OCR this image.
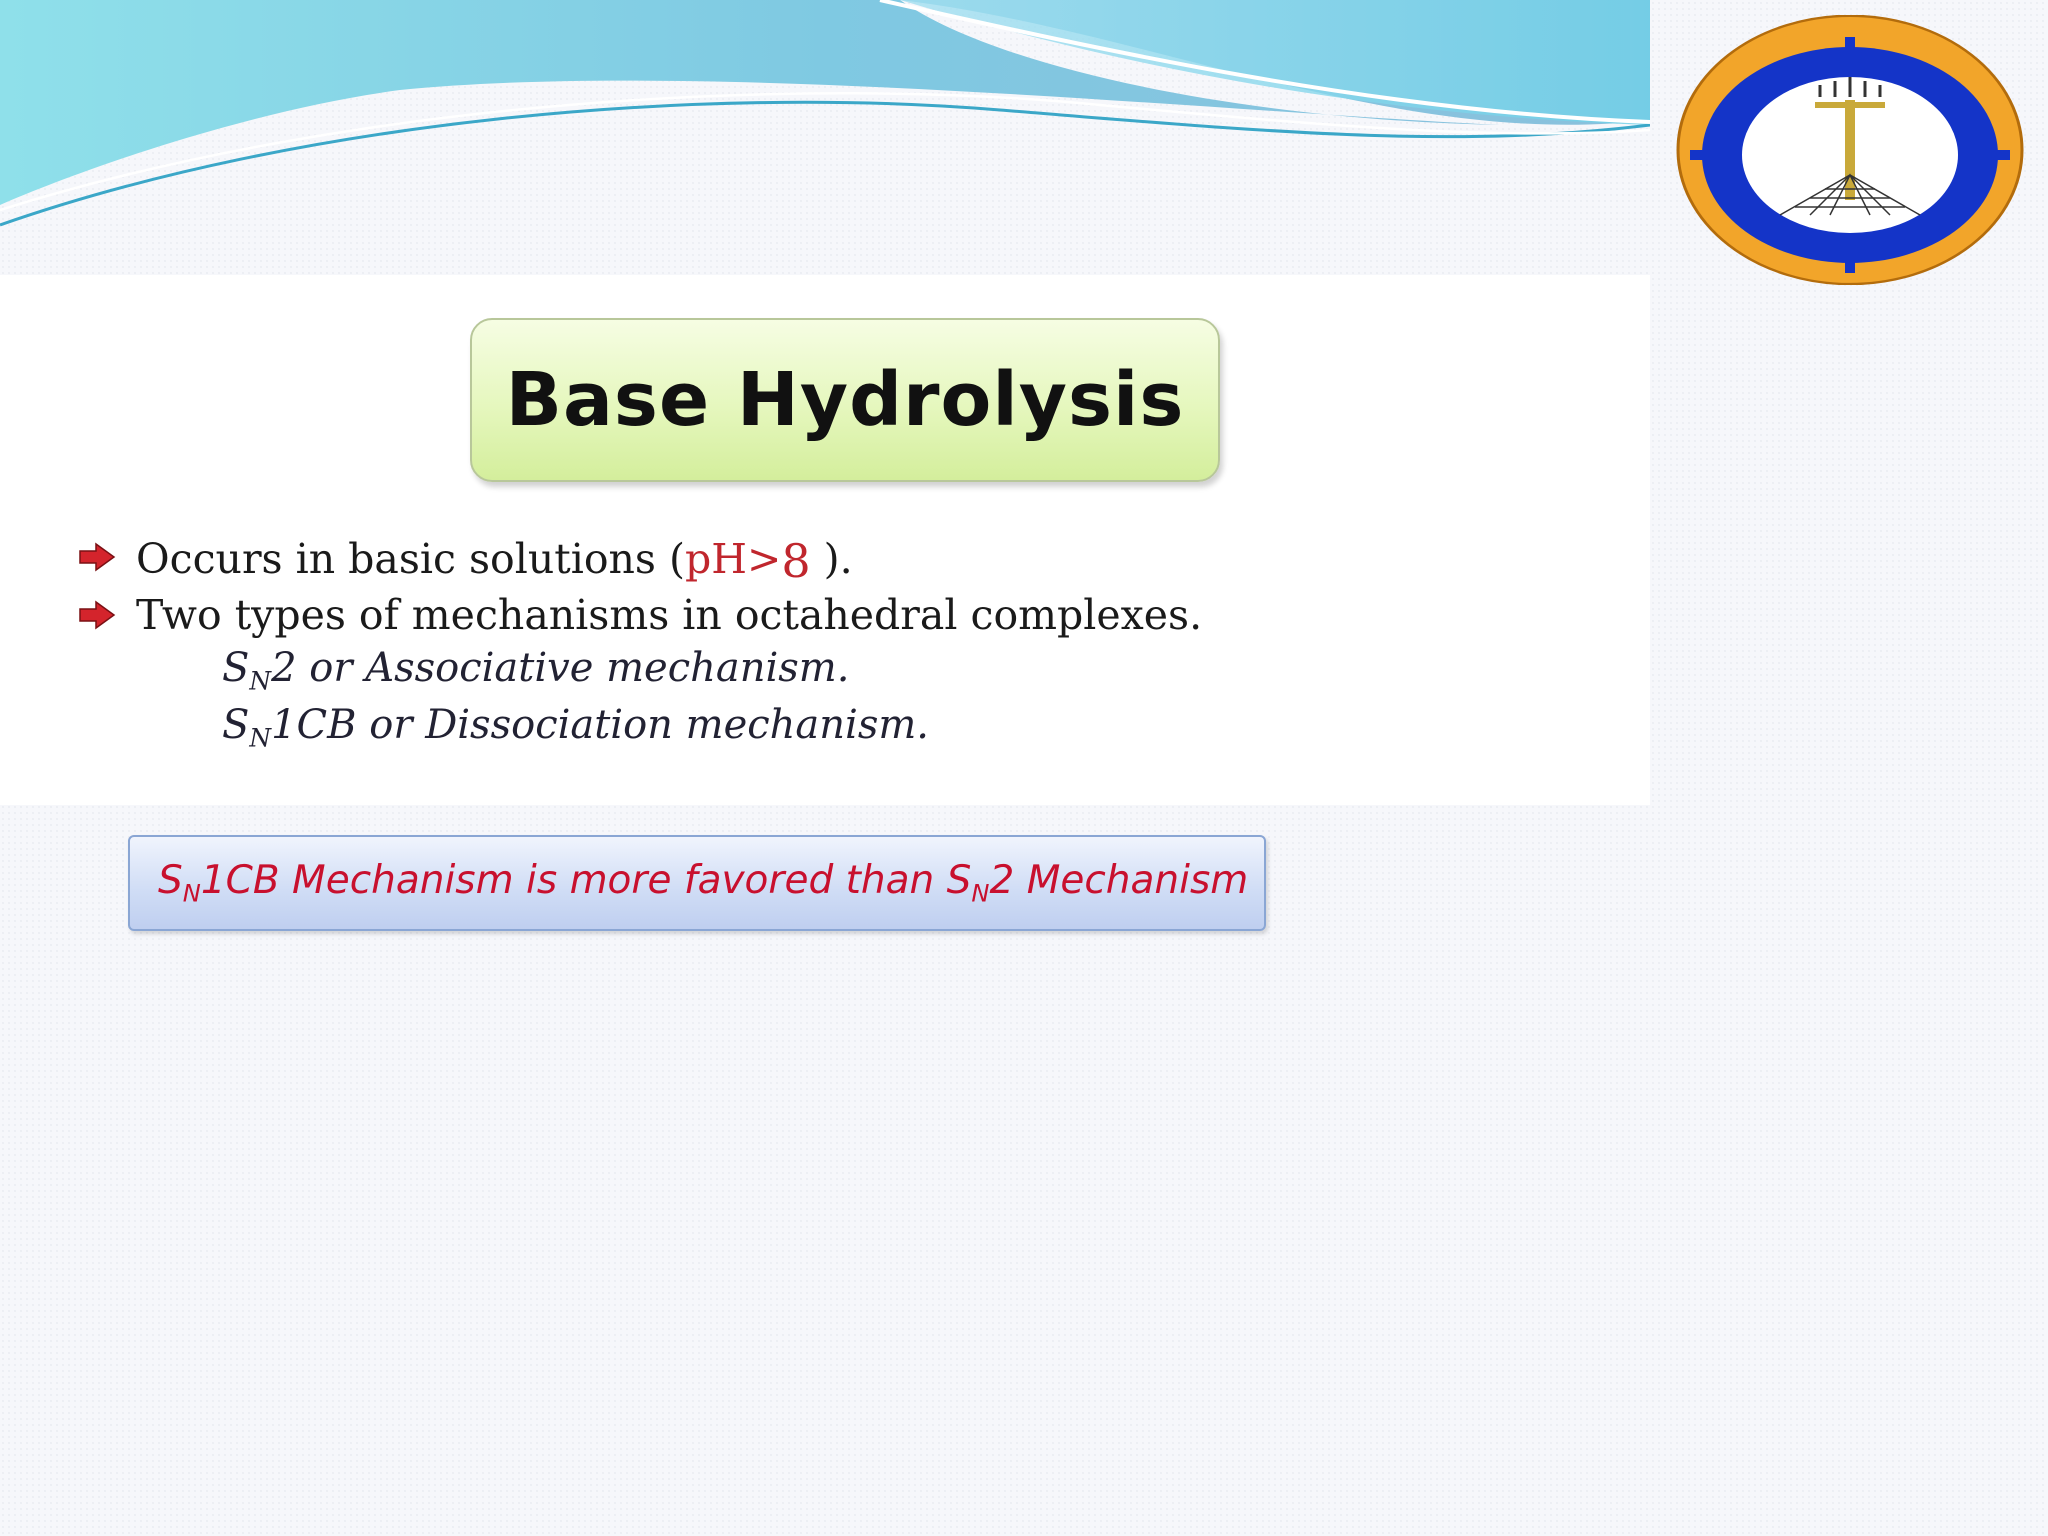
Base Hydrolysis
Occurs in basic solutions (pH>8 ).
Two types of mechanisms in octahedral complexes.
$S_N2$ or Associative mechanism.
$S_N1CB$ or Dissociation mechanism.
$S_N1CB$ Mechanism is more favored than $S_N2$ Mechanism
